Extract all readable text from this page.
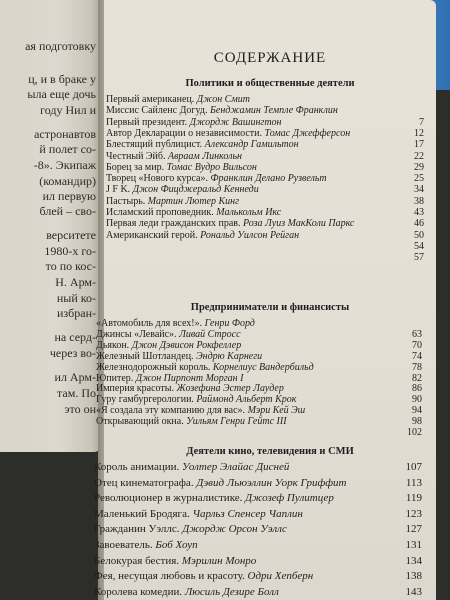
ая подготовку
ц, и в браке у
ыла еще дочь
году Нил и
астронавтов
й полет со-
-8». Экипаж
(командир)
ил первую
блей – сво-
верситете
1980-х го-
то по кос-
Н. Арм-
ный ко-
избран-
на серд-
через во-
ил Арм-
там. По
это он
СОДЕРЖАНИЕ
Политики и общественные деятели
Первый американец. Джон Смит
Миссис Сайленс Догуд. Бенджамин Темпле Франклин
Первый президент. Джордж Вашингтон	7
Автор Декларации о независимости. Томас Джефферсон	12
Блестящий публицист. Александр Гамильтон	17
Честный Эйб. Авраам Линкольн	22
Борец за мир. Томас Вудро Вильсон	29
Творец «Нового курса». Франклин Делано Рузвельт	25
J F K. Джон Фицджеральд Кеннеди	34
Пастырь. Мартин Лютер Кинг	38
Исламский проповедник. Малькольм Икс	43
Первая леди гражданских прав. Роза Луиз МакКоли Паркс	46
Американский герой. Рональд Уилсон Рейган	50
54
57
Предприниматели и финансисты
«Автомобиль для всех!». Генри Форд
Джинсы «Левайс». Ливай Стросс	63
Дьякон. Джон Дэвисон Рокфеллер	70
Железный Шотландец. Эндрю Карнеги	74
Железнодорожный король. Корнелиус Вандербильд	78
Юпитер. Джон Пирпонт Морган I	82
Империя красоты. Жозефина Эстер Лаудер	86
Гуру гамбургерологии. Раймонд Альберт Крок	90
«Я создала эту компанию для вас». Мэри Кей Эш	94
Открывающий окна. Уильям Генри Гейтс III	98
102
Деятели кино, телевидения и СМИ
Король анимации. Уолтер Элайас Дисней	107
Отец кинематографа. Дэвид Льюэллин Уорк Гриффит	113
Революционер в журналистике. Джозеф Пулитцер	119
Маленький Бродяга. Чарльз Спенсер Чаплин	123
Гражданин Уэллс. Джордж Орсон Уэллс	127
Завоеватель. Боб Хоуп	131
Белокурая бестия. Мэрилин Монро	134
Фея, несущая любовь и красоту. Одри Хепберн	138
Королева комедии. Люсиль Дезире Болл	143
